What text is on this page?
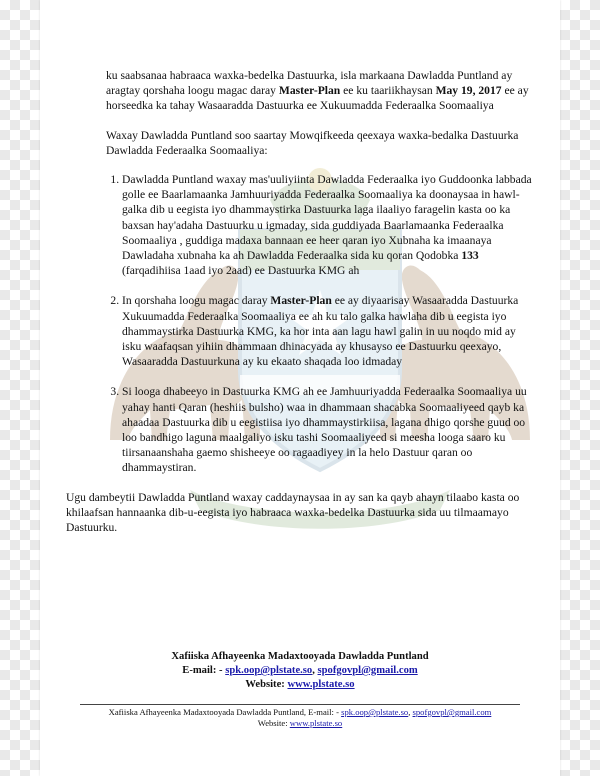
ku saabsanaa habraaca waxka-bedelka Dastuurka, isla markaana Dawladda Puntland ay aragtay qorshaha loogu magac daray Master-Plan ee ku taariikhaysan May 19, 2017 ee ay horseedka ka tahay Wasaaradda Dastuurka ee Xukuumadda Federaalka Soomaaliya

Waxay Dawladda Puntland soo saartay Mowqifkeeda qeexaya waxka-bedalka Dastuurka Dawladda Federaalka Soomaaliya:

1. Dawladda Puntland waxay mas'uuliyiinta Dawladda Federaalka iyo Guddoonka labbada golle ee Baarlamaanka Jamhuuriyadda Federaalka Soomaaliya ka doonaysaa in hawl-galka dib u eegista iyo dhammaystirka Dastuurka laga ilaaliyo faragelin kasta oo ka baxsan hay'adaha Dastuurku u igmaday, sida guddiyada Baarlamaanka Federaalka Soomaaliya , guddiga madaxa bannaan ee heer qaran iyo Xubnaha ka imaanaya Dawladaha xubnaha ka ah Dawladda Federaalka sida ku qoran Qodobka 133 (farqadihiisa 1aad iyo 2aad) ee Dastuurka KMG ah
2. In qorshaha loogu magac daray Master-Plan ee ay diyaarisay Wasaaradda Dastuurka Xukuumadda Federaalka Soomaaliya ee ah ku talo galka hawlaha dib u eegista iyo dhammaystirka Dastuurka KMG, ka hor inta aan lagu hawl galin in uu noqdo mid ay isku waafaqsan yihiin dhammaan dhinacyada ay khusayso ee Dastuurku qeexayo, Wasaaradda Dastuurkuna ay ku ekaato shaqada loo idmaday
3. Si looga dhabeeyo in Dastuurka KMG ah ee Jamhuuriyadda Federaalka Soomaaliya uu yahay hanti Qaran (heshiis bulsho) waa in dhammaan shacabka Soomaaliyeed qayb ka ahaadaa Dastuurka dib u eegistiisa iyo dhammaystirkiisa, lagana dhigo qorshe guud oo loo bandhigo laguna maalgaliyo isku tashi Soomaaliyeed si meesha looga saaro ku tiirsanaanshaha gaemo shisheeye oo ragaadiyey in la helo Dastuur qaran oo dhammaystiran.

Ugu dambeytii Dawladda Puntland waxay caddaynaysaa in ay san ka qayb ahayn tilaabo kasta oo khilaafsan hannaanka dib-u-eegista iyo habraaca waxka-bedelka Dastuurka sida uu tilmaamayo Dastuurku.

Xafiiska Afhayeenka Madaxtooyada Dawladda Puntland
E-mail: - spk.oop@plstate.so, spofgovpl@gmail.com
Website: www.plstate.so
Xafiiska Afhayeenka Madaxtooyada Dawladda Puntland, E-mail: - spk.oop@plstate.so, spofgovpl@gmail.com
Website: www.plstate.so
